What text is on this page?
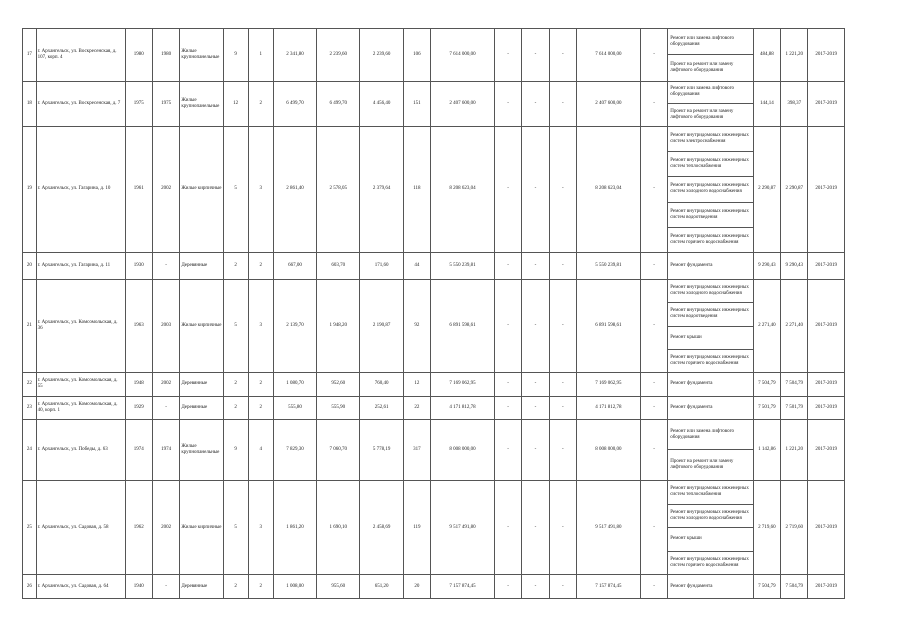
17	г. Архангельск, ул. Воскресенская, д. 107, корп. 4	1980	1980	Жилые крупнопанельные	9	1	2 341,80	2 239,60	2 239,60	106	7 614 000,00	-	-	-	7 614 000,00	-	Ремонт или замена лифтового оборудования	484,88	1 221,20	2017-2019
																	Проект на ремонт или замену лифтового оборудования			
18	г. Архангельск, ул. Воскресенская, д. 7	1975	1975	Жилые крупнопанельные	12	2	6 499,70	6 499,70	4 456,40	151	2 407 600,00	-	-	-	2 407 600,00	-	Ремонт или замена лифтового оборудования	144,14	398,37	2017-2019
																	Проект на ремонт или замену лифтового оборудования			
19	г. Архангельск, ул. Гагарина, д. 10	1961	2002	Жилые кирпичные	5	3	2 861,40	2 578,05	2 379,64	118	8 208 623,04	-	-	-	8 208 623,04	-	Ремонт внутридомовых инженерных систем электроснабжения	2 290,87	2 290,87	2017-2019
																	Ремонт внутридомовых инженерных систем теплоснабжения			
																	Ремонт внутридомовых инженерных систем холодного водоснабжения			
																	Ремонт внутридомовых инженерных систем водоотведения			
																	Ремонт внутридомовых инженерных систем горячего водоснабжения			
20	г. Архангельск, ул. Гагарина, д. 11	1930	-	Деревянные	2	2	667,00	603,70	171,60	44	5 550 239,81	-	-	-	5 550 239,81	-	Ремонт фундамента	9 290,43	9 290,43	2017-2019
21	г. Архангельск, ул. Комсомольская, д. 36	1963	2003	Жилые кирпичные	5	3	2 139,70	1 948,20	2 190,87	92	6 891 598,61	-	-	-	6 891 598,61	-	Ремонт внутридомовых инженерных систем холодного водоснабжения	2 271,40	2 271,40	2017-2019
																	Ремонт внутридомовых инженерных систем водоотведения			
																	Ремонт крыши			
																	Ремонт внутридомовых инженерных систем горячего водоснабжения			
22	г. Архангельск, ул. Комсомольская, д. 55	1948	2002	Деревянные	2	2	1 080,70	952,60	760,40	12	7 169 062,95	-	-	-	7 169 062,95	-	Ремонт фундамента	7 504,79	7 504,79	2017-2019
23	г. Архангельск, ул. Комсомольская, д. 40, корп. 1	1929	-	Деревянные	2	2	555,80	555,90	252,61	22	4 171 812,78	-	-	-	4 171 812,78	-	Ремонт фундамента	7 501,79	7 501,79	2017-2019
24	г. Архангельск, ул. Победы, д. 63	1974	1974	Жилые крупнопанельные	9	4	7 829,30	7 060,70	5 778,19	317	8 008 000,00	-	-	-	8 008 000,00	-	Ремонт или замена лифтового оборудования	1 142,86	1 221,20	2017-2019
																	Проект на ремонт или замену лифтового оборудования			
25	г. Архангельск, ул. Садовая, д. 58	1962	2002	Жилые кирпичные	5	3	1 861,20	1 690,10	2 458,69	119	9 517 491,80	-	-	-	9 517 491,80	-	Ремонт внутридомовых инженерных систем теплоснабжения	2 719,60	2 719,60	2017-2019
																	Ремонт внутридомовых инженерных систем холодного водоснабжения			
																	Ремонт крыши			
																	Ремонт внутридомовых инженерных систем горячего водоснабжения			
26	г. Архангельск, ул. Садовая, д. 64	1940	-	Деревянные	2	2	1 008,00	955,60	651,20	20	7 157 874,45	-	-	-	7 157 874,45	-	Ремонт фундамента	7 504,79	7 504,79	2017-2019
